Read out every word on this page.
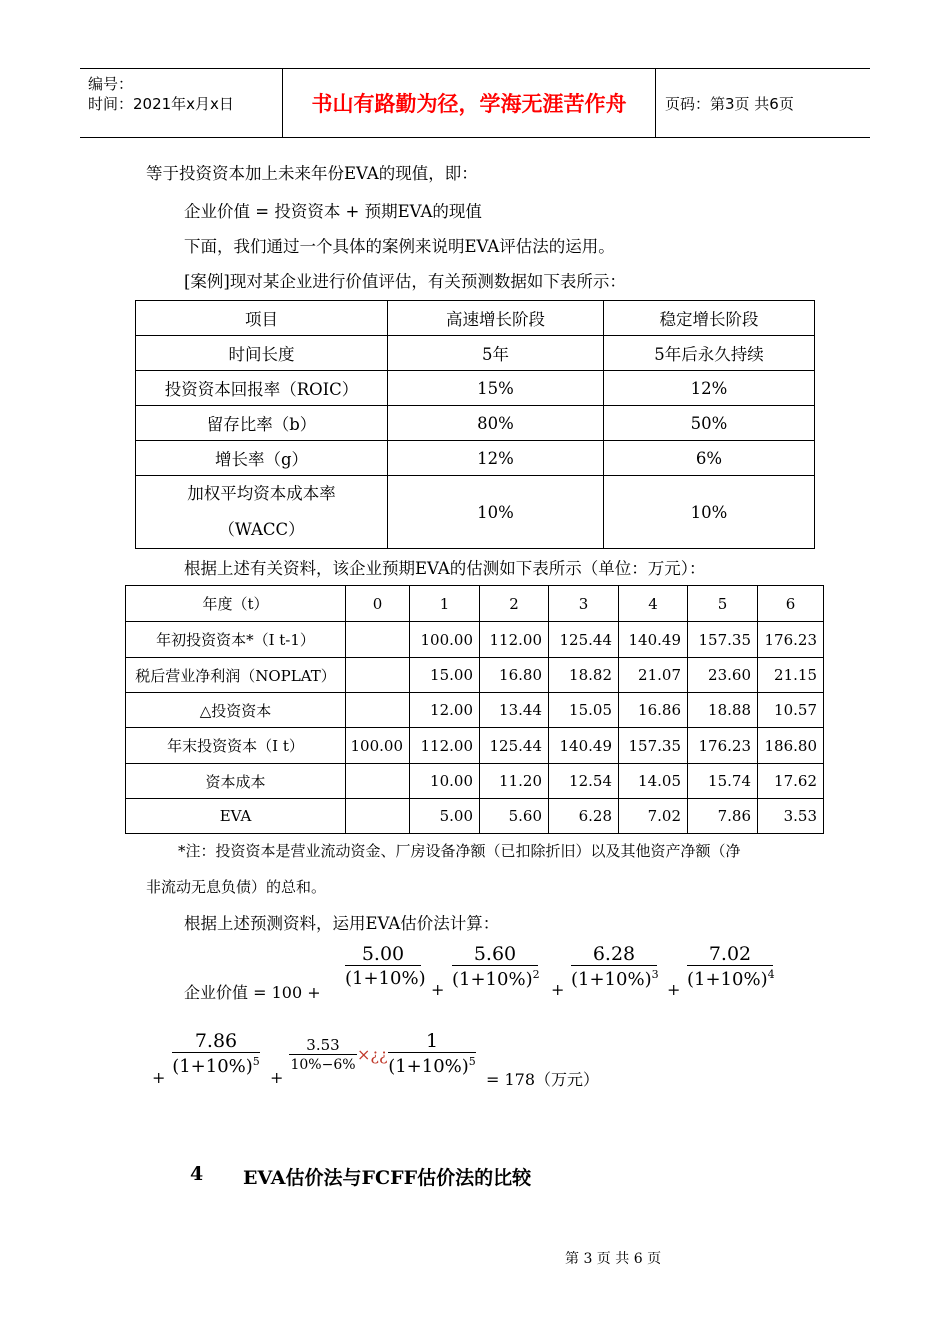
编号：
时间：2021年x月x日	书山有路勤为径，学海无涯苦作舟	页码：第3页 共6页
等于投资资本加上未来年份EVA的现值，即：
企业价值 = 投资资本 + 预期EVA的现值
下面，我们通过一个具体的案例来说明EVA评估法的运用。
[案例]现对某企业进行价值评估，有关预测数据如下表所示：
项目	高速增长阶段	稳定增长阶段
时间长度	5年	5年后永久持续
投资资本回报率（ROIC）	15%	12%
留存比率（b）	80%	50%
增长率（g）	12%	6%

加权平均资本成本率
（WACC）	10%	10%
根据上述有关资料，该企业预期EVA的估测如下表所示（单位：万元）：
年度（t）	0	1	2	3	4	5	6
年初投资资本*（I t-1）		100.00	112.00	125.44	140.49	157.35	176.23
税后营业净利润（NOPLAT）		15.00	16.80	18.82	21.07	23.60	21.15
△投资资本		12.00	13.44	15.05	16.86	18.88	10.57
年末投资资本（I t）	100.00	112.00	125.44	140.49	157.35	176.23	186.80
资本成本		10.00	11.20	12.54	14.05	15.74	17.62
EVA		5.00	5.60	6.28	7.02	7.86	3.53
*注：投资资本是营业流动资金、厂房设备净额（已扣除折旧）以及其他资产净额（净
非流动无息负债）的总和。
根据上述预测资料，运用EVA估价法计算：
企业价值 = 100 +
$\frac{5.00}{(1+10\%)}$
+ $\frac{5.60}{(1+10\%)^2} + \frac{6.28}{(1+10\%)^3} + \frac{7.02}{(1+10\%)^4}$
+
$\frac{7.86}{(1+10\%)^5}$
+
$\frac{3.53}{10\%-6\%}$ ×¿¿ $\frac{1}{(1+10\%)^5}$
= 178（万元）
4 EVA估价法与FCFF估价法的比较
第 3 页 共 6 页
